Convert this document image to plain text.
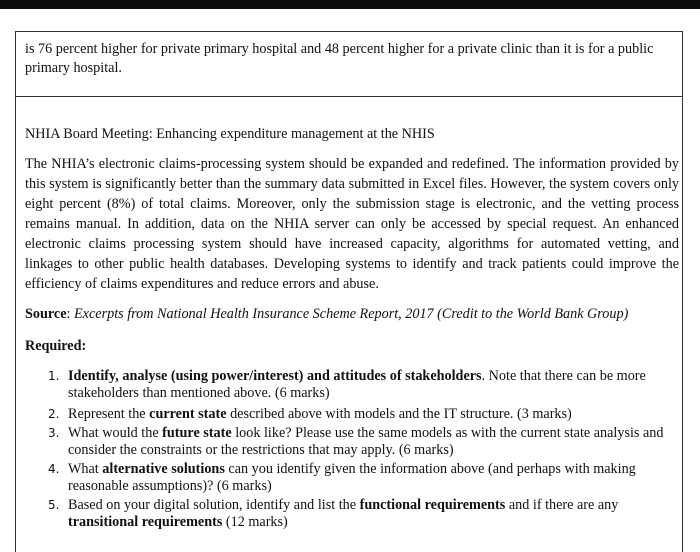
is 76 percent higher for private primary hospital and 48 percent higher for a private clinic than it is for a public
primary hospital.
NHIA Board Meeting: Enhancing expenditure management at the NHIS
The NHIA’s electronic claims-processing system should be expanded and redefined. The information provided by this system is significantly better than the summary data submitted in Excel files. However, the system covers only eight percent (8%) of total claims. Moreover, only the submission stage is electronic, and the vetting process remains manual. In addition, data on the NHIA server can only be accessed by special request. An enhanced electronic claims processing system should have increased capacity, algorithms for automated vetting, and linkages to other public health databases. Developing systems to identify and track patients could improve the efficiency of claims expenditures and reduce errors and abuse.
Source: Excerpts from National Health Insurance Scheme Report, 2017 (Credit to the World Bank Group)
Required:
1. Identify, analyse (using power/interest) and attitudes of stakeholders. Note that there can be more stakeholders than mentioned above. (6 marks)
2. Represent the current state described above with models and the IT structure. (3 marks)
3. What would the future state look like? Please use the same models as with the current state analysis and consider the constraints or the restrictions that may apply. (6 marks)
4. What alternative solutions can you identify given the information above (and perhaps with making reasonable assumptions)? (6 marks)
5. Based on your digital solution, identify and list the functional requirements and if there are any transitional requirements (12 marks)
